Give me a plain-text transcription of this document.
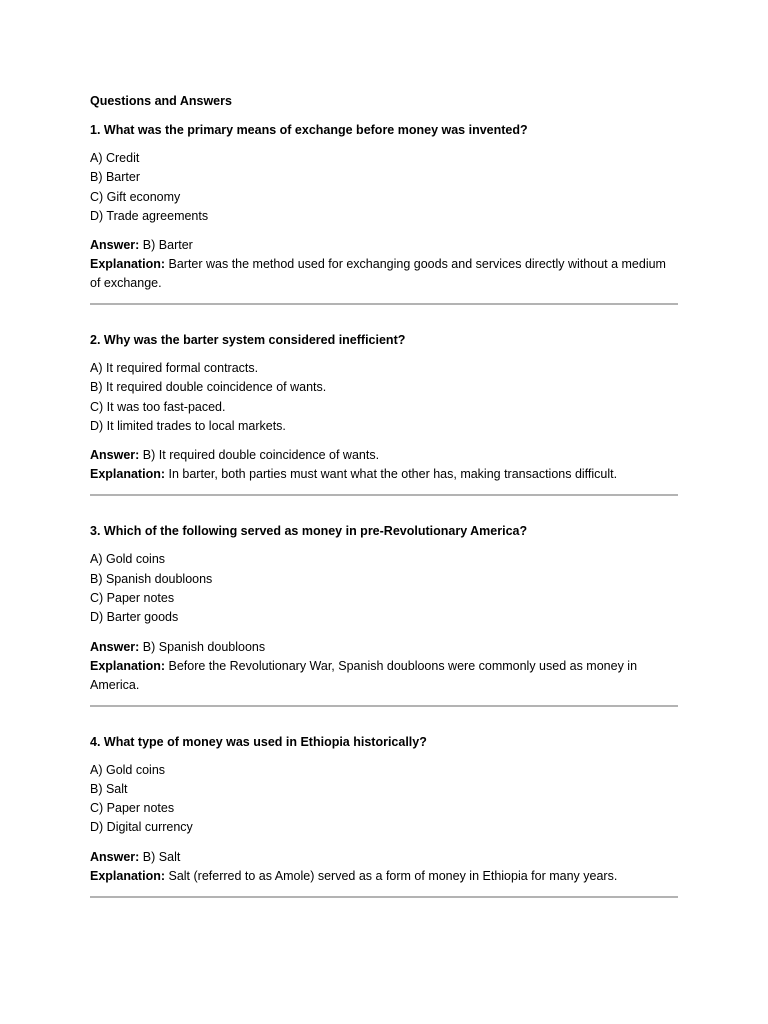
Questions and Answers
1. What was the primary means of exchange before money was invented?
A) Credit
B) Barter
C) Gift economy
D) Trade agreements

Answer: B) Barter

Explanation: Barter was the method used for exchanging goods and services directly without a medium of exchange.

2. Why was the barter system considered inefficient?
A) It required formal contracts.
B) It required double coincidence of wants.
C) It was too fast-paced.
D) It limited trades to local markets.

Answer: B) It required double coincidence of wants.

Explanation: In barter, both parties must want what the other has, making transactions difficult.

3. Which of the following served as money in pre-Revolutionary America?
A) Gold coins
B) Spanish doubloons
C) Paper notes
D) Barter goods

Answer: B) Spanish doubloons

Explanation: Before the Revolutionary War, Spanish doubloons were commonly used as money in America.

4. What type of money was used in Ethiopia historically?
A) Gold coins
B) Salt
C) Paper notes
D) Digital currency

Answer: B) Salt

Explanation: Salt (referred to as Amole) served as a form of money in Ethiopia for many years.
